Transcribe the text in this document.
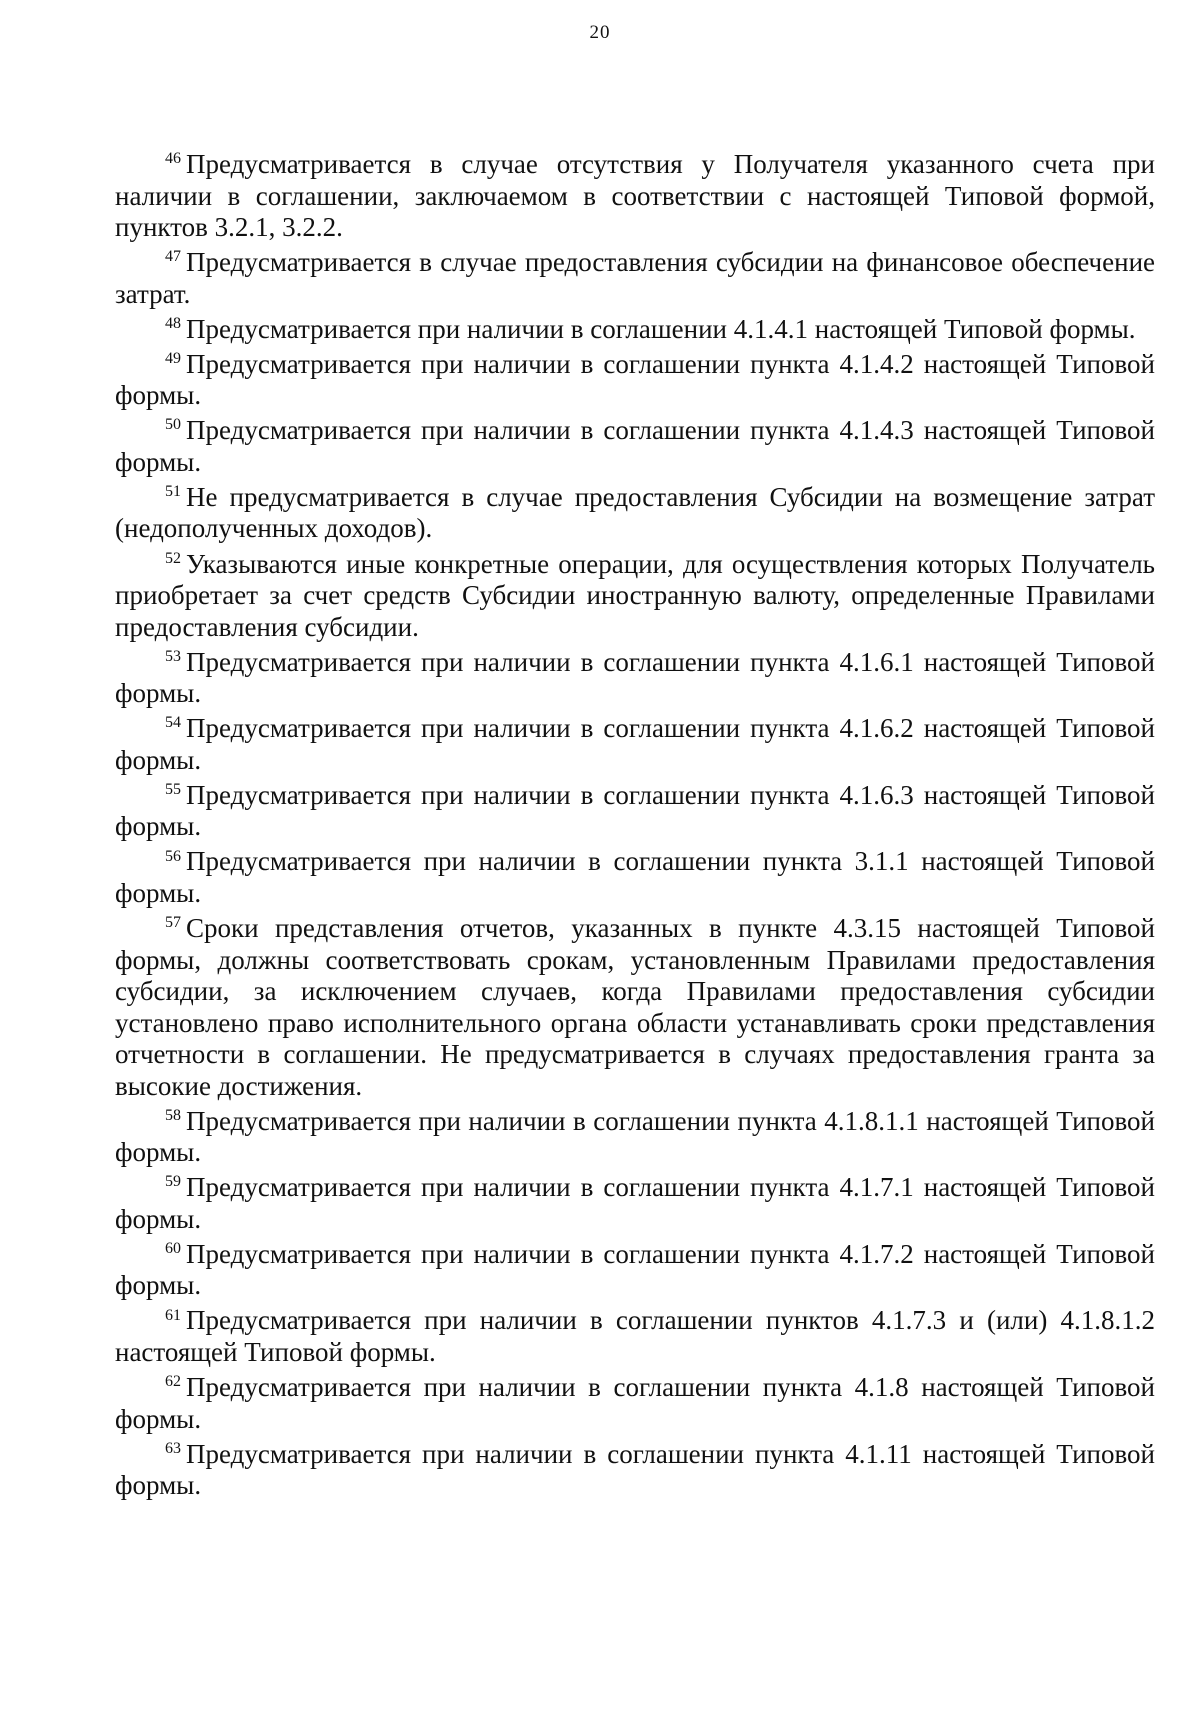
20

$^{46}$ Предусматривается в случае отсутствия у Получателя указанного счета при наличии в соглашении, заключаемом в соответствии с настоящей Типовой формой, пунктов 3.2.1, 3.2.2.

$^{47}$ Предусматривается в случае предоставления субсидии на финансовое обеспечение затрат.

$^{48}$ Предусматривается при наличии в соглашении 4.1.4.1 настоящей Типовой формы.

$^{49}$ Предусматривается при наличии в соглашении пункта 4.1.4.2 настоящей Типовой формы.

$^{50}$ Предусматривается при наличии в соглашении пункта 4.1.4.3 настоящей Типовой формы.

$^{51}$ Не предусматривается в случае предоставления Субсидии на возмещение затрат (недополученных доходов).

$^{52}$ Указываются иные конкретные операции, для осуществления которых Получатель приобретает за счет средств Субсидии иностранную валюту, определенные Правилами предоставления субсидии.

$^{53}$ Предусматривается при наличии в соглашении пункта 4.1.6.1 настоящей Типовой формы.

$^{54}$ Предусматривается при наличии в соглашении пункта 4.1.6.2 настоящей Типовой формы.

$^{55}$ Предусматривается при наличии в соглашении пункта 4.1.6.3 настоящей Типовой формы.

$^{56}$ Предусматривается при наличии в соглашении пункта 3.1.1 настоящей Типовой формы.

$^{57}$ Сроки представления отчетов, указанных в пункте 4.3.15 настоящей Типовой формы, должны соответствовать срокам, установленным Правилами предоставления субсидии, за исключением случаев, когда Правилами предоставления субсидии установлено право исполнительного органа области устанавливать сроки представления отчетности в соглашении. Не предусматривается в случаях предоставления гранта за высокие достижения.

$^{58}$ Предусматривается при наличии в соглашении пункта 4.1.8.1.1 настоящей Типовой формы.

$^{59}$ Предусматривается при наличии в соглашении пункта 4.1.7.1 настоящей Типовой формы.

$^{60}$ Предусматривается при наличии в соглашении пункта 4.1.7.2 настоящей Типовой формы.

$^{61}$ Предусматривается при наличии в соглашении пунктов 4.1.7.3 и (или) 4.1.8.1.2 настоящей Типовой формы.

$^{62}$ Предусматривается при наличии в соглашении пункта 4.1.8 настоящей Типовой формы.

$^{63}$ Предусматривается при наличии в соглашении пункта 4.1.11 настоящей Типовой формы.
